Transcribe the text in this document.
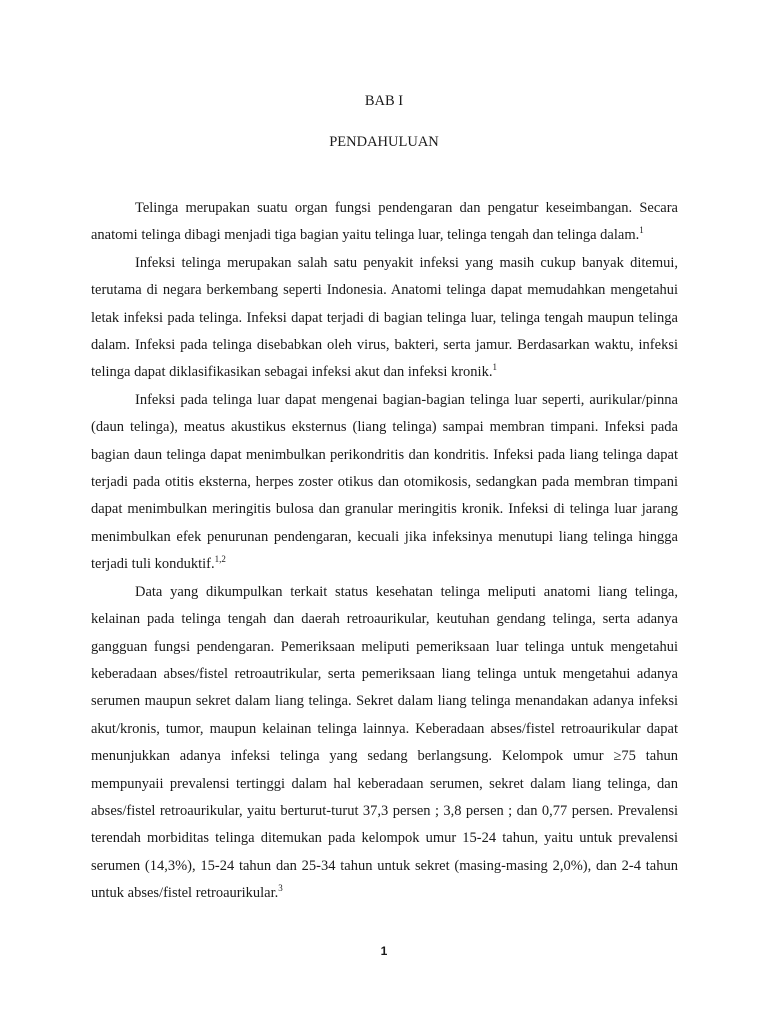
BAB I
PENDAHULUAN

Telinga merupakan suatu organ fungsi pendengaran dan pengatur keseimbangan. Secara anatomi telinga dibagi menjadi tiga bagian yaitu telinga luar, telinga tengah dan telinga dalam.$^1$

Infeksi telinga merupakan salah satu penyakit infeksi yang masih cukup banyak ditemui, terutama di negara berkembang seperti Indonesia. Anatomi telinga dapat memudahkan mengetahui letak infeksi pada telinga. Infeksi dapat terjadi di bagian telinga luar, telinga tengah maupun telinga dalam. Infeksi pada telinga disebabkan oleh virus, bakteri, serta jamur. Berdasarkan waktu, infeksi telinga dapat diklasifikasikan sebagai infeksi akut dan infeksi kronik.$^1$

Infeksi pada telinga luar dapat mengenai bagian-bagian telinga luar seperti, aurikular/pinna (daun telinga), meatus akustikus eksternus (liang telinga) sampai membran timpani. Infeksi pada bagian daun telinga dapat menimbulkan perikondritis dan kondritis. Infeksi pada liang telinga dapat terjadi pada otitis eksterna, herpes zoster otikus dan otomikosis, sedangkan pada membran timpani dapat menimbulkan meringitis bulosa dan granular meringitis kronik. Infeksi di telinga luar jarang menimbulkan efek penurunan pendengaran, kecuali jika infeksinya menutupi liang telinga hingga terjadi tuli konduktif.$^{1,2}$

Data yang dikumpulkan terkait status kesehatan telinga meliputi anatomi liang telinga, kelainan pada telinga tengah dan daerah retroaurikular, keutuhan gendang telinga, serta adanya gangguan fungsi pendengaran. Pemeriksaan meliputi pemeriksaan luar telinga untuk mengetahui keberadaan abses/fistel retroautrikular, serta pemeriksaan liang telinga untuk mengetahui adanya serumen maupun sekret dalam liang telinga. Sekret dalam liang telinga menandakan adanya infeksi akut/kronis, tumor, maupun kelainan telinga lainnya. Keberadaan abses/fistel retroaurikular dapat menunjukkan adanya infeksi telinga yang sedang berlangsung. Kelompok umur ≥75 tahun mempunyaii prevalensi tertinggi dalam hal keberadaan serumen, sekret dalam liang telinga, dan abses/fistel retroaurikular, yaitu berturut-turut 37,3 persen ; 3,8 persen ; dan 0,77 persen. Prevalensi terendah morbiditas telinga ditemukan pada kelompok umur 15-24 tahun, yaitu untuk prevalensi serumen (14,3%), 15-24 tahun dan 25-34 tahun untuk sekret (masing-masing 2,0%), dan 2-4 tahun untuk abses/fistel retroaurikular.$^3$

1
